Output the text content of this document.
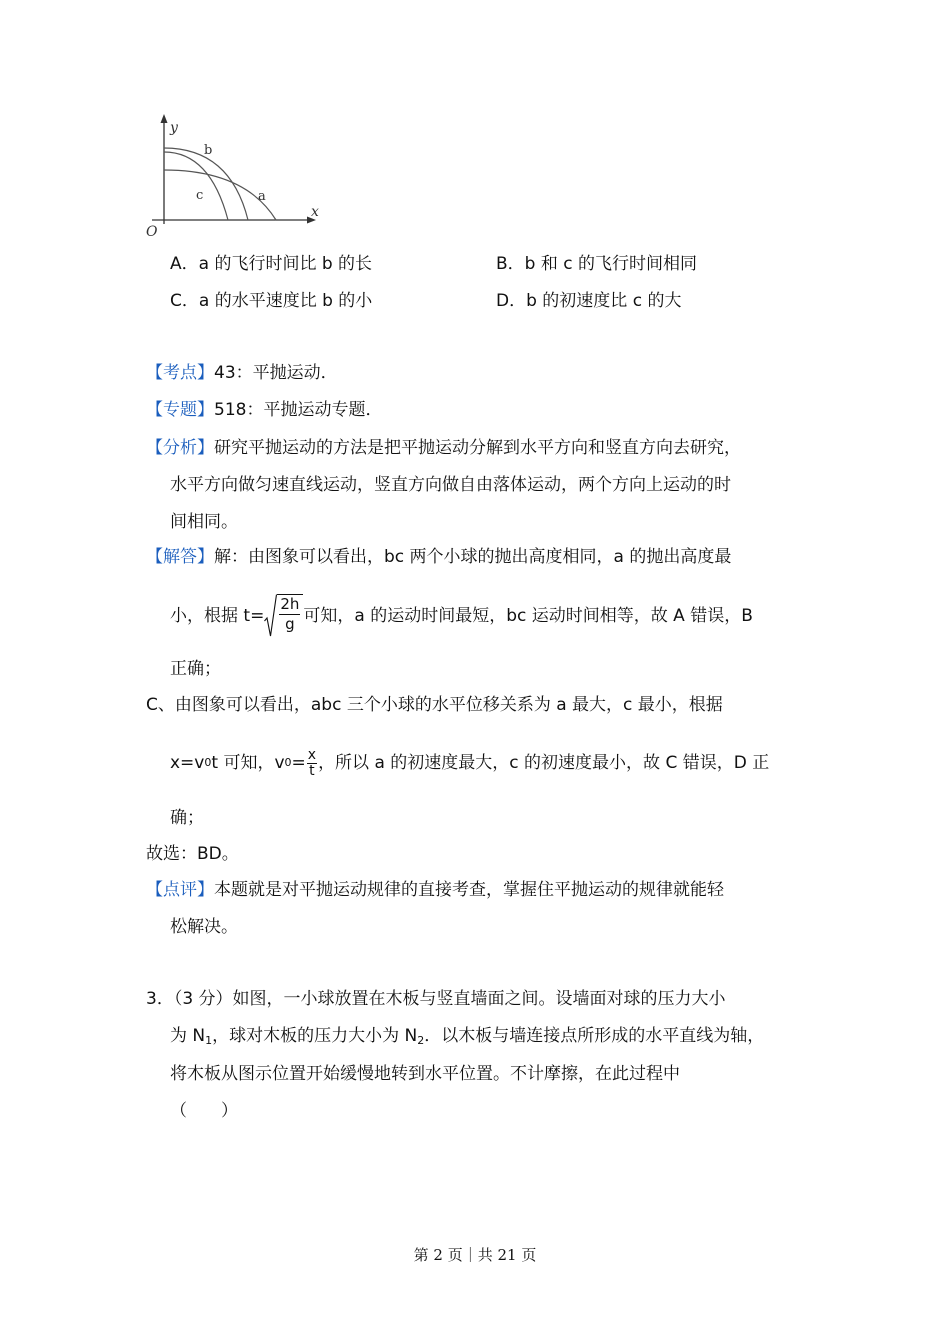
y
x
O
b
c	a
A．a 的飞行时间比 b 的长	B．b 和 c 的飞行时间相同
C．a 的水平速度比 b 的小	D．b 的初速度比 c 的大
【考点】43：平抛运动．
【专题】518：平抛运动专题．
【分析】研究平抛运动的方法是把平抛运动分解到水平方向和竖直方向去研究，
水平方向做匀速直线运动，竖直方向做自由落体运动，两个方向上运动的时
间相同。
【解答】解：由图象可以看出，bc 两个小球的抛出高度相同，a 的抛出高度最
小，根据 $t= \frac{2h}{g}$ 可知，a 的运动时间最短，bc 运动时间相等，故 A 错误，B
正确；
C、由图象可以看出，abc 三个小球的水平位移关系为 a 最大，c 最小，根据
x=v 0 t 可知，v $0 = \frac{x}{t}$ ，所以 a 的初速度最大，c 的初速度最小，故 C 错误，D 正
确；
故选：BD。
【点评】本题就是对平抛运动规律的直接考查，掌握住平抛运动的规律就能轻
松解决。
3．（3 分）如图，一小球放置在木板与竖直墙面之间。设墙面对球的压力大小
为 $N_1$，球对木板的压力大小为 $N_2$．以木板与墙连接点所形成的水平直线为轴，
将木板从图示位置开始缓慢地转到水平位置。不计摩擦，在此过程中
（　　）
第 2 页｜共 21 页
